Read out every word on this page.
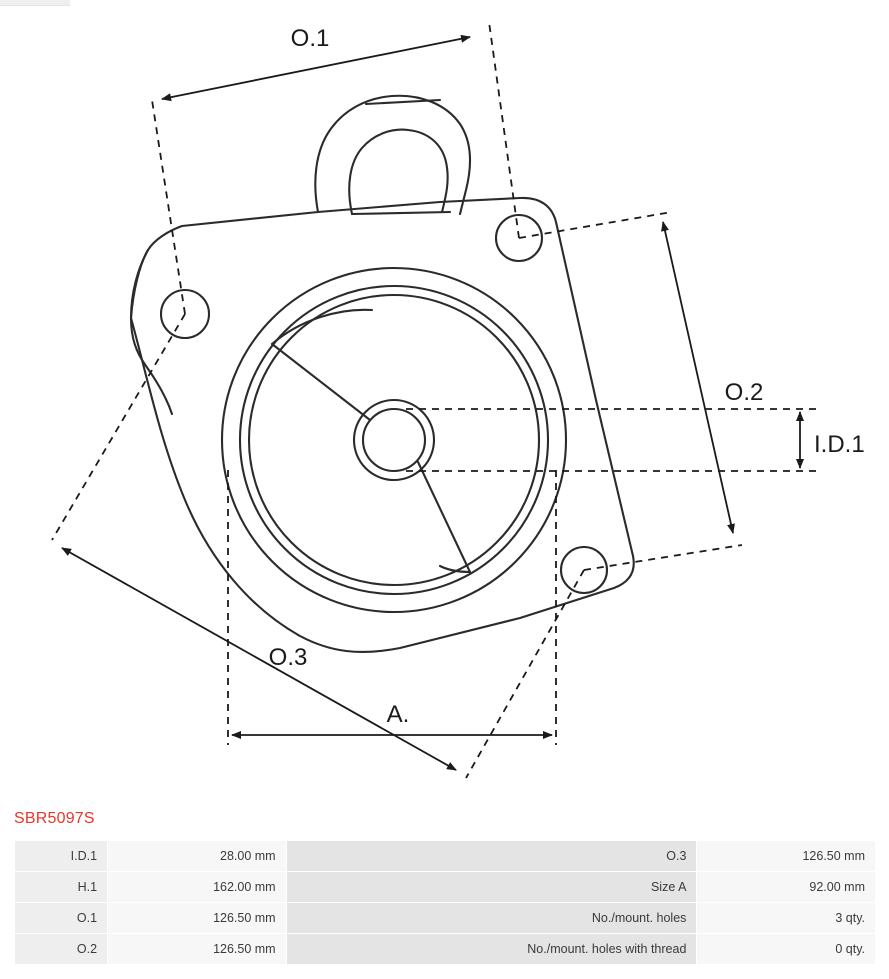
O.1
O.2
O.3
I.D.1
A.
SBR5097S
I.D.1	28.00 mm	O.3	126.50 mm
H.1	162.00 mm	Size A	92.00 mm
O.1	126.50 mm	No./mount. holes	3 qty.
O.2	126.50 mm	No./mount. holes with thread	0 qty.
